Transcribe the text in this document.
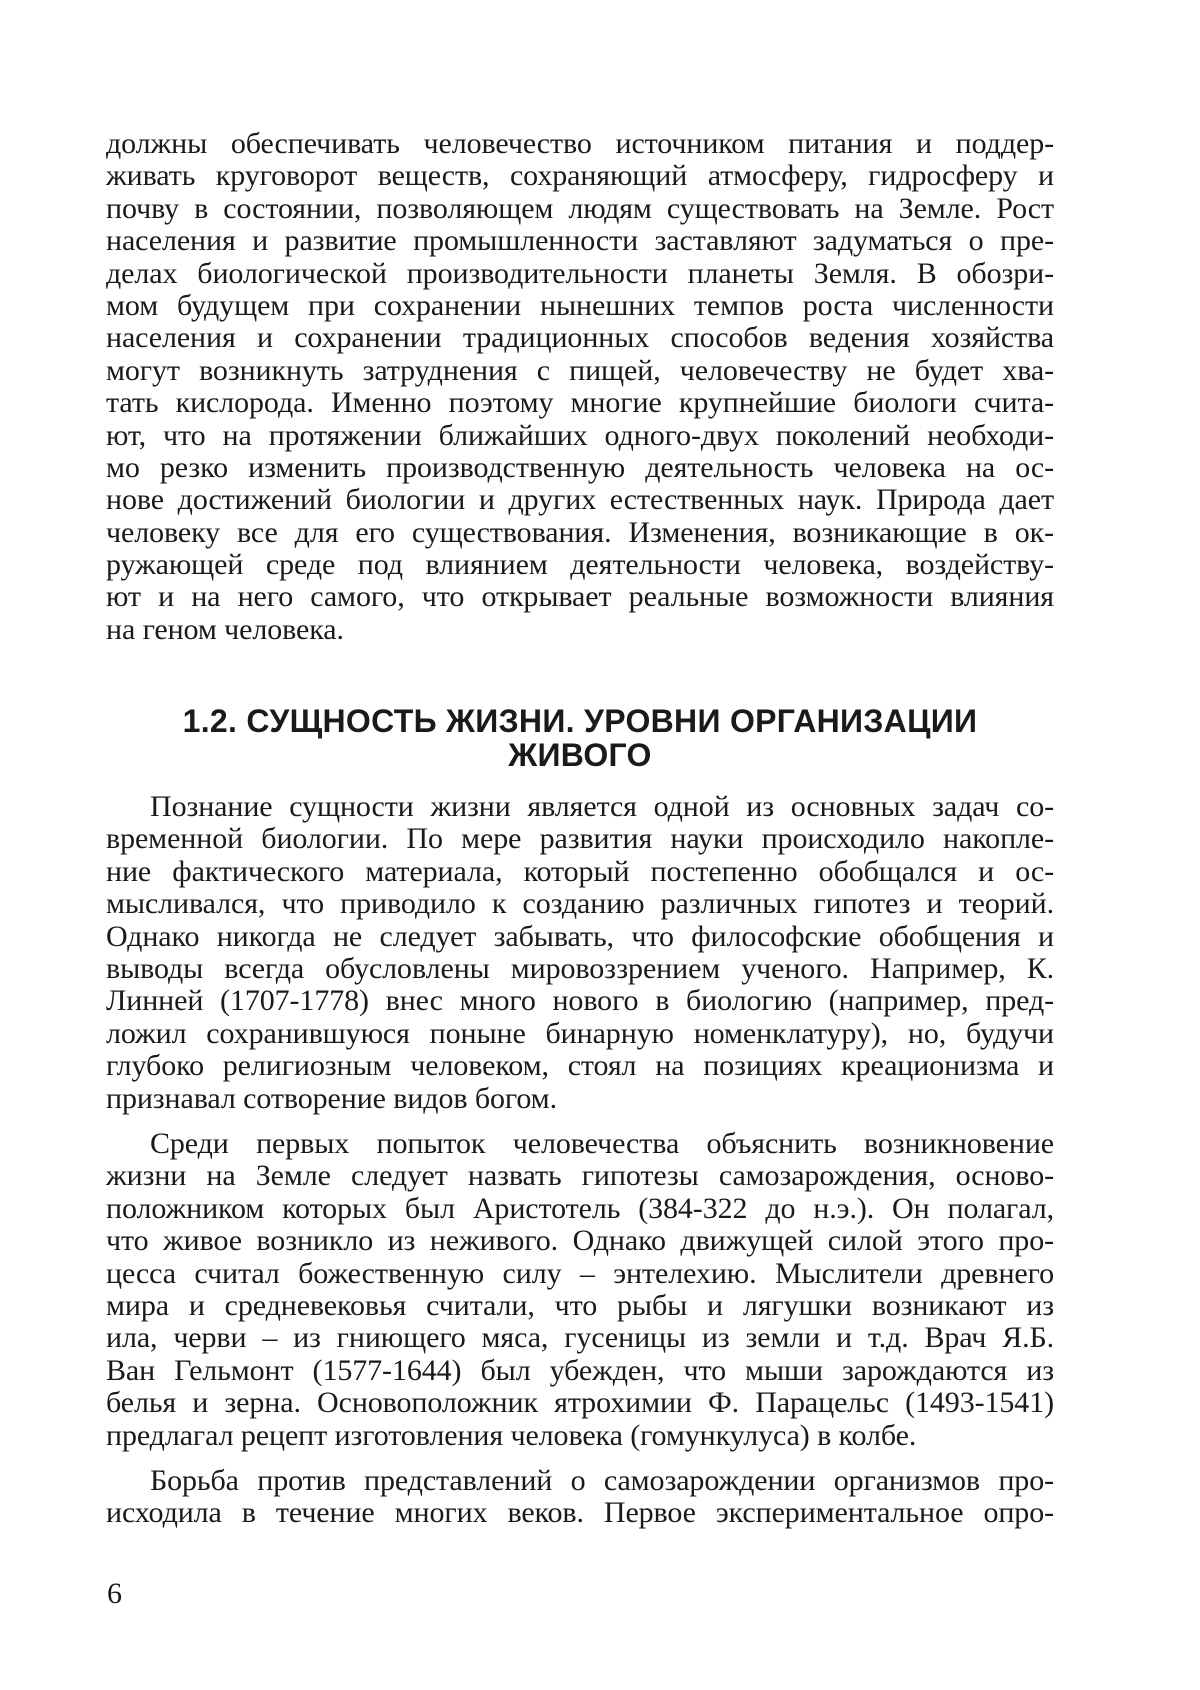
должны обеспечивать человечество источником питания и поддер-
живать круговорот веществ, сохраняющий атмосферу, гидросферу и
почву в состоянии, позволяющем людям существовать на Земле. Рост
населения и развитие промышленности заставляют задуматься о пре-
делах биологической производительности планеты Земля. В обозри-
мом будущем при сохранении нынешних темпов роста численности
населения и сохранении традиционных способов ведения хозяйства
могут возникнуть затруднения с пищей, человечеству не будет хва-
тать кислорода. Именно поэтому многие крупнейшие биологи счита-
ют, что на протяжении ближайших одного-двух поколений необходи-
мо резко изменить производственную деятельность человека на ос-
нове достижений биологии и других естественных наук. Природа дает
человеку все для его существования. Изменения, возникающие в ок-
ружающей среде под влиянием деятельности человека, воздейству-
ют и на него самого, что открывает реальные возможности влияния
на геном человека.
1.2. СУЩНОСТЬ ЖИЗНИ. УРОВНИ ОРГАНИЗАЦИИ
ЖИВОГО
Познание сущности жизни является одной из основных задач со-
временной биологии. По мере развития науки происходило накопле-
ние фактического материала, который постепенно обобщался и ос-
мысливался, что приводило к созданию различных гипотез и теорий.
Однако никогда не следует забывать, что философские обобщения и
выводы всегда обусловлены мировоззрением ученого. Например, К.
Линней (1707-1778) внес много нового в биологию (например, пред-
ложил сохранившуюся поныне бинарную номенклатуру), но, будучи
глубоко религиозным человеком, стоял на позициях креационизма и
признавал сотворение видов богом.
Среди первых попыток человечества объяснить возникновение
жизни на Земле следует назвать гипотезы самозарождения, осново-
положником которых был Аристотель (384-322 до н.э.). Он полагал,
что живое возникло из неживого. Однако движущей силой этого про-
цесса считал божественную силу – энтелехию. Мыслители древнего
мира и средневековья считали, что рыбы и лягушки возникают из
ила, черви – из гниющего мяса, гусеницы из земли и т.д. Врач Я.Б.
Ван Гельмонт (1577-1644) был убежден, что мыши зарождаются из
белья и зерна. Основоположник ятрохимии Ф. Парацельс (1493-1541)
предлагал рецепт изготовления человека (гомункулуса) в колбе.
Борьба против представлений о самозарождении организмов про-
исходила в течение многих веков. Первое экспериментальное опро-
6
